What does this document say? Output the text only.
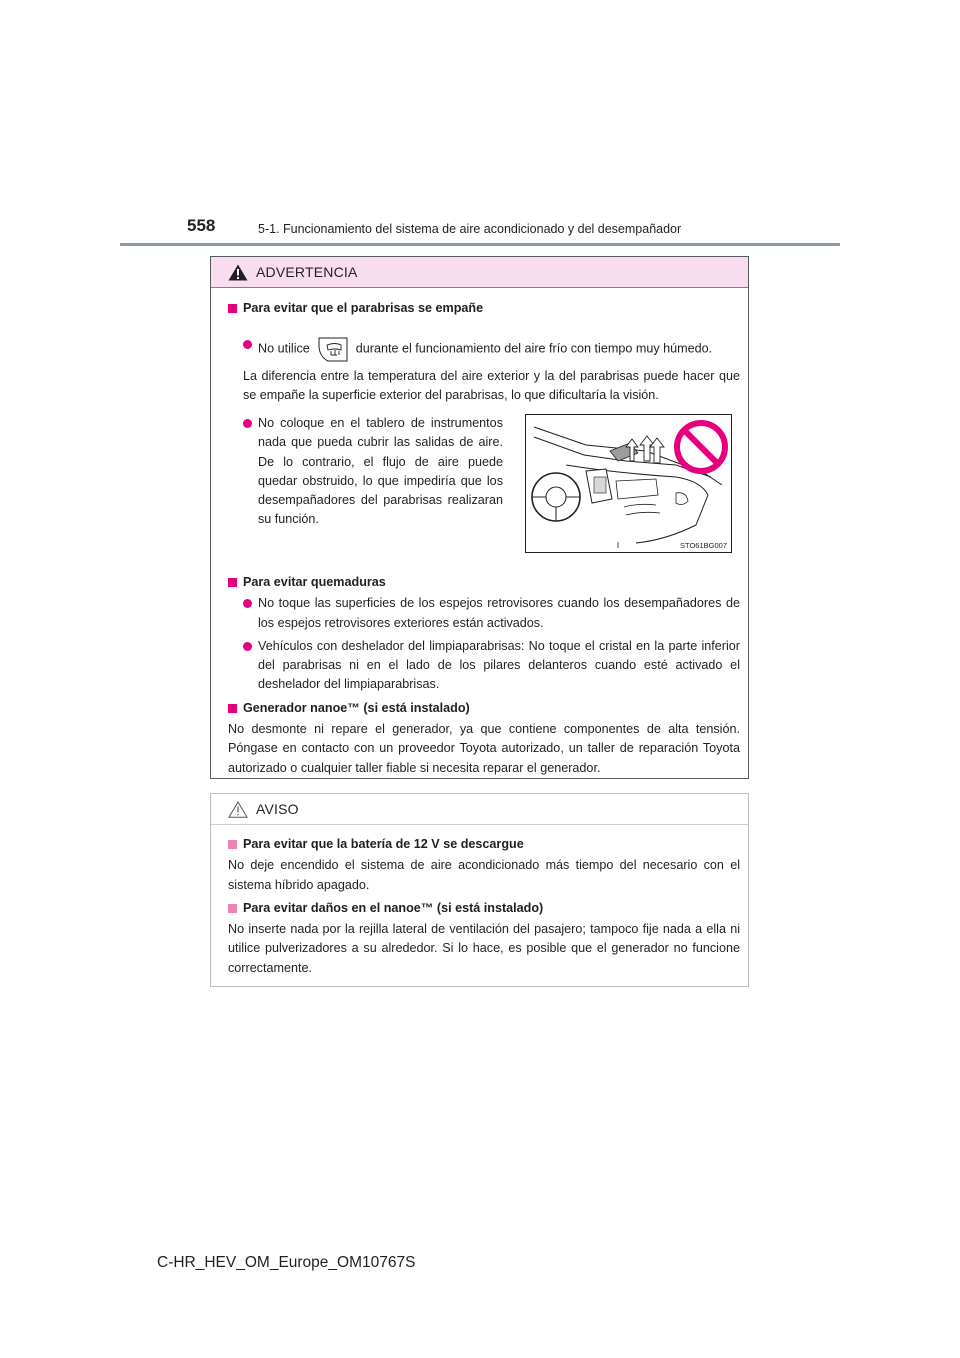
558	5-1. Funcionamiento del sistema de aire acondicionado y del desempañador
ADVERTENCIA
Para evitar que el parabrisas se empañe
No utilice	durante el funcionamiento del aire frío con tiempo muy húmedo.
La diferencia entre la temperatura del aire exterior y la del parabrisas puede hacer que se empañe la superficie exterior del parabrisas, lo que dificultaría la visión.
No coloque en el tablero de instrumentos nada que pueda cubrir las salidas de aire. De lo contrario, el flujo de aire puede quedar obstruido, lo que impediría que los desempañadores del parabrisas realizaran su función.
Para evitar quemaduras
No toque las superficies de los espejos retrovisores cuando los desempañadores de los espejos retrovisores exteriores están activados.
Vehículos con deshelador del limpiaparabrisas: No toque el cristal en la parte inferior del parabrisas ni en el lado de los pilares delanteros cuando esté activado el deshelador del limpiaparabrisas.
Generador nanoe™ (si está instalado)
No desmonte ni repare el generador, ya que contiene componentes de alta tensión. Póngase en contacto con un proveedor Toyota autorizado, un taller de reparación Toyota autorizado o cualquier taller fiable si necesita reparar el generador.
STO61BG007
AVISO
Para evitar que la batería de 12 V se descargue
No deje encendido el sistema de aire acondicionado más tiempo del necesario con el sistema híbrido apagado.
Para evitar daños en el nanoe™ (si está instalado)
No inserte nada por la rejilla lateral de ventilación del pasajero; tampoco fije nada a ella ni utilice pulverizadores a su alrededor. Si lo hace, es posible que el generador no funcione correctamente.
C-HR_HEV_OM_Europe_OM10767S
